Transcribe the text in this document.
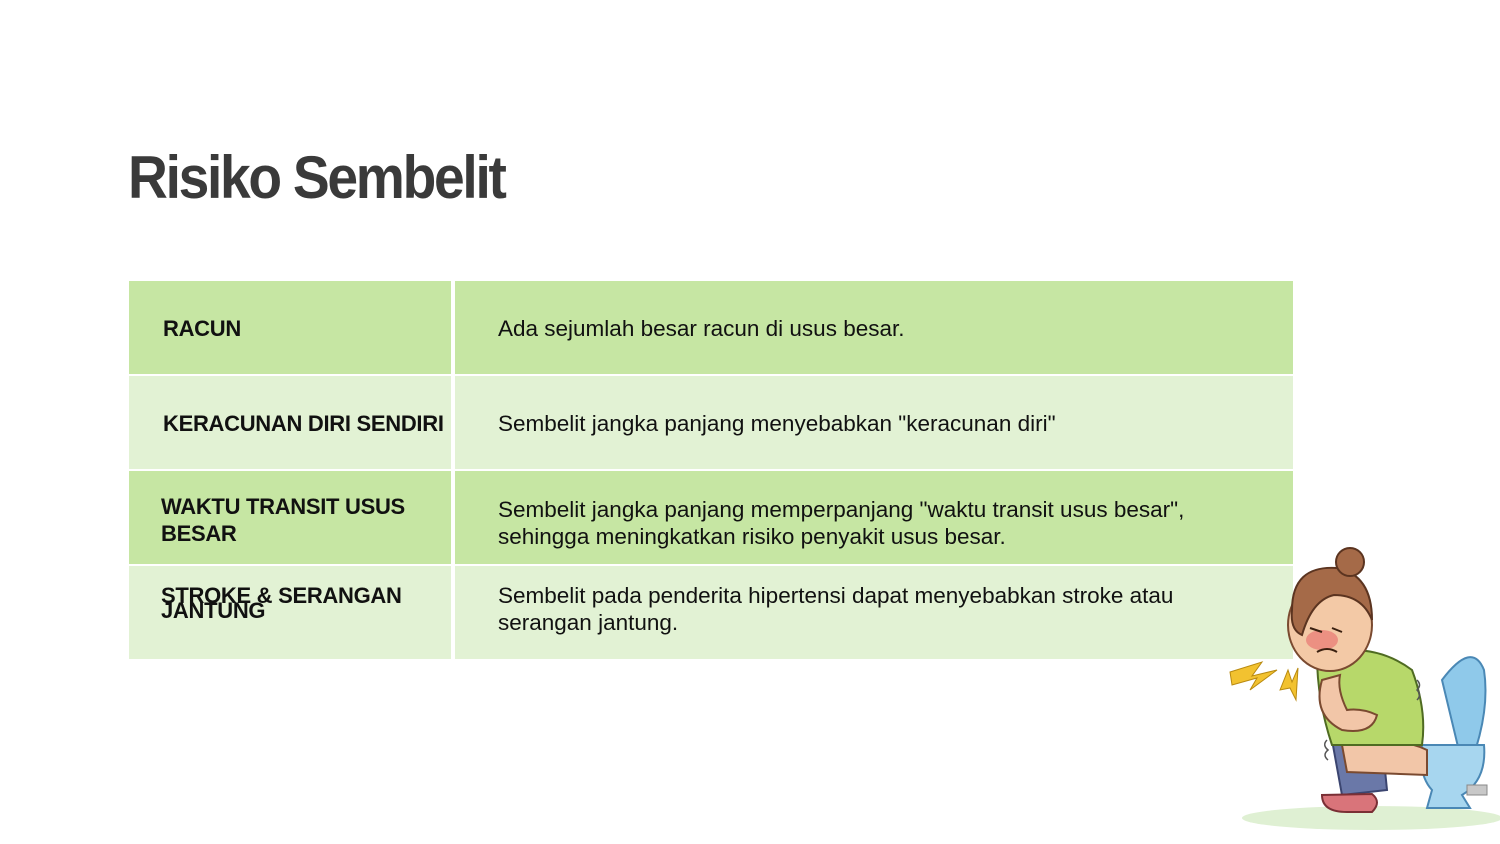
Risiko Sembelit
RACUN	Ada sejumlah besar racun di usus besar.
KERACUNAN DIRI SENDIRI	Sembelit jangka panjang menyebabkan "keracunan diri"
WAKTU TRANSIT USUS BESAR
Sembelit jangka panjang memperpanjang "waktu transit usus besar", sehingga meningkatkan risiko penyakit usus besar.
STROKE & SERANGAN JANTUNG
Sembelit pada penderita hipertensi dapat menyebabkan stroke atau serangan jantung.
